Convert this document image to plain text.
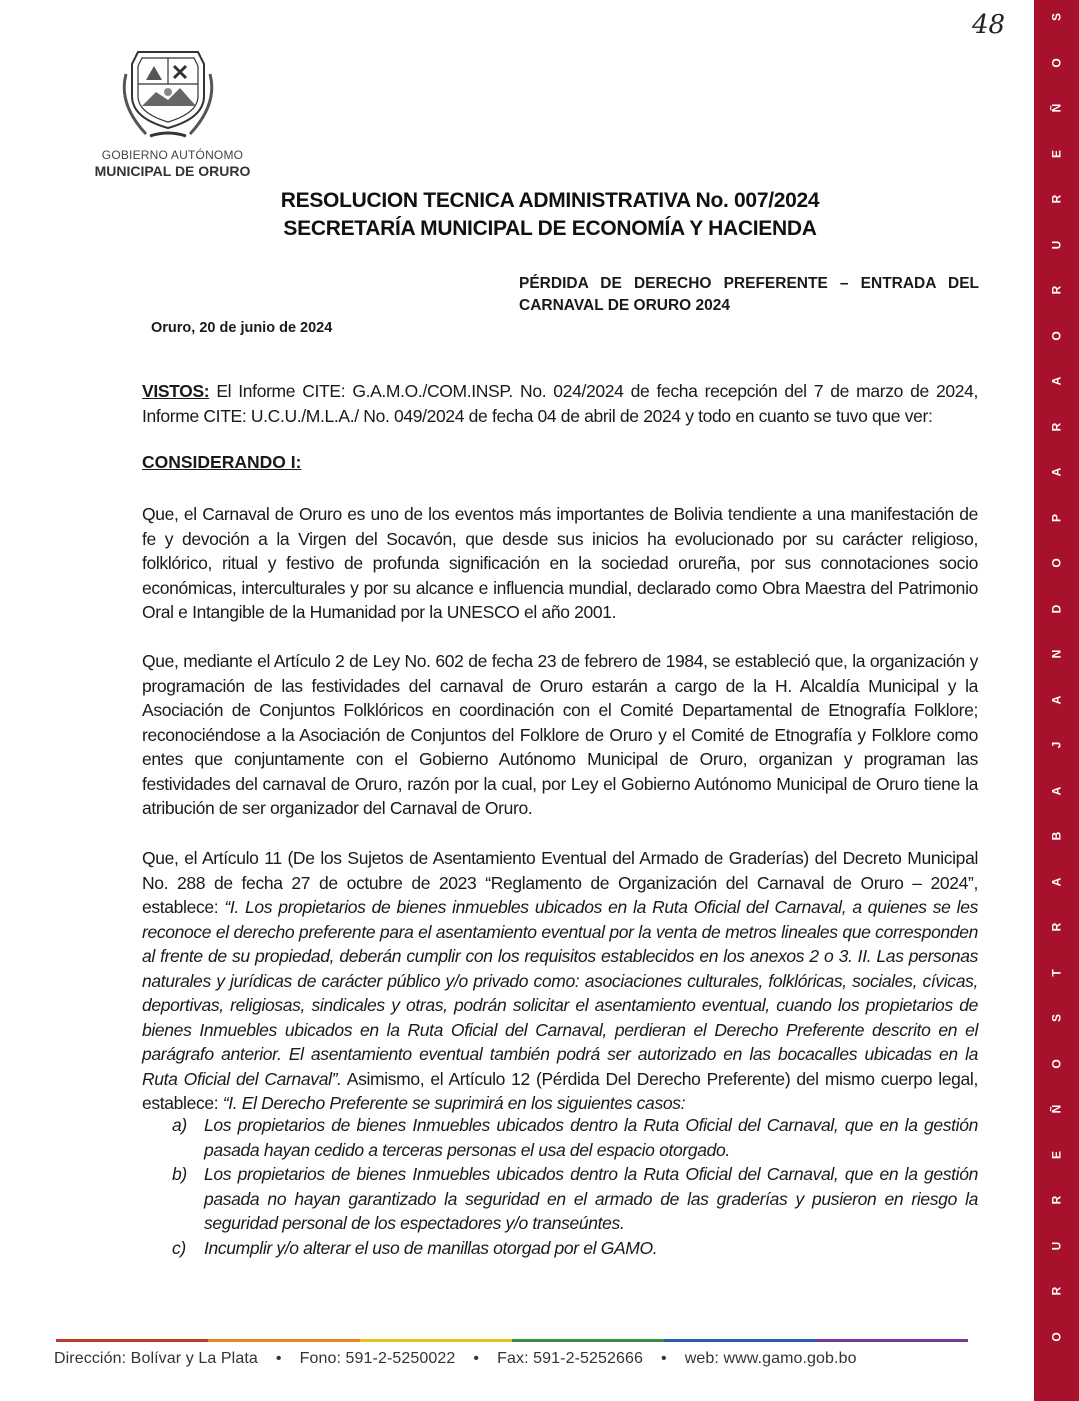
48
GOBIERNO AUTÓNOMO
MUNICIPAL DE ORURO
RESOLUCION TECNICA ADMINISTRATIVA No. 007/2024
SECRETARÍA MUNICIPAL DE ECONOMÍA Y HACIENDA
PÉRDIDA DE DERECHO PREFERENTE – ENTRADA DEL CARNAVAL DE ORURO 2024
Oruro, 20 de junio de 2024
VISTOS: El Informe CITE: G.A.M.O./COM.INSP. No. 024/2024 de fecha recepción del 7 de marzo de 2024, Informe CITE: U.C.U./M.L.A./ No. 049/2024 de fecha 04 de abril de 2024 y todo en cuanto se tuvo que ver:
CONSIDERANDO I:
Que, el Carnaval de Oruro es uno de los eventos más importantes de Bolivia tendiente a una manifestación de fe y devoción a la Virgen del Socavón, que desde sus inicios ha evolucionado por su carácter religioso, folklórico, ritual y festivo de profunda significación en la sociedad orureña, por sus connotaciones socio económicas, interculturales y por su alcance e influencia mundial, declarado como Obra Maestra del Patrimonio Oral e Intangible de la Humanidad por la UNESCO el año 2001.
Que, mediante el Artículo 2 de Ley No. 602 de fecha 23 de febrero de 1984, se estableció que, la organización y programación de las festividades del carnaval de Oruro estarán a cargo de la H. Alcaldía Municipal y la Asociación de Conjuntos Folklóricos en coordinación con el Comité Departamental de Etnografía Folklore; reconociéndose a la Asociación de Conjuntos del Folklore de Oruro y el Comité de Etnografía y Folklore como entes que conjuntamente con el Gobierno Autónomo Municipal de Oruro, organizan y programan las festividades del carnaval de Oruro, razón por la cual, por Ley el Gobierno Autónomo Municipal de Oruro tiene la atribución de ser organizador del Carnaval de Oruro.
Que, el Artículo 11 (De los Sujetos de Asentamiento Eventual del Armado de Graderías) del Decreto Municipal No. 288 de fecha 27 de octubre de 2023 “Reglamento de Organización del Carnaval de Oruro – 2024”, establece: “I. Los propietarios de bienes inmuebles ubicados en la Ruta Oficial del Carnaval, a quienes se les reconoce el derecho preferente para el asentamiento eventual por la venta de metros lineales que corresponden al frente de su propiedad, deberán cumplir con los requisitos establecidos en los anexos 2 o 3. II. Las personas naturales y jurídicas de carácter público y/o privado como: asociaciones culturales, folklóricas, sociales, cívicas, deportivas, religiosas, sindicales y otras, podrán solicitar el asentamiento eventual, cuando los propietarios de bienes Inmuebles ubicados en la Ruta Oficial del Carnaval, perdieran el Derecho Preferente descrito en el parágrafo anterior. El asentamiento eventual también podrá ser autorizado en las bocacalles ubicadas en la Ruta Oficial del Carnaval”. Asimismo, el Artículo 12 (Pérdida Del Derecho Preferente) del mismo cuerpo legal, establece: “I. El Derecho Preferente se suprimirá en los siguientes casos:
a) Los propietarios de bienes Inmuebles ubicados dentro la Ruta Oficial del Carnaval, que en la gestión pasada hayan cedido a terceras personas el usa del espacio otorgado.
b) Los propietarios de bienes Inmuebles ubicados dentro la Ruta Oficial del Carnaval, que en la gestión pasada no hayan garantizado la seguridad en el armado de las graderías y pusieron en riesgo la seguridad personal de los espectadores y/o transeúntes.
c) Incumplir y/o alterar el uso de manillas otorgad por el GAMO.
Dirección: Bolívar y La Plata • Fono: 591-2-5250022 • Fax: 591-2-5252666 • web: www.gamo.gob.bo
S
O
Ñ
E
R
U
R
O
A
R
A
P
O
D
N
A
J
A
B
A
R
T
S
O
Ñ
E
R
U
R
O
